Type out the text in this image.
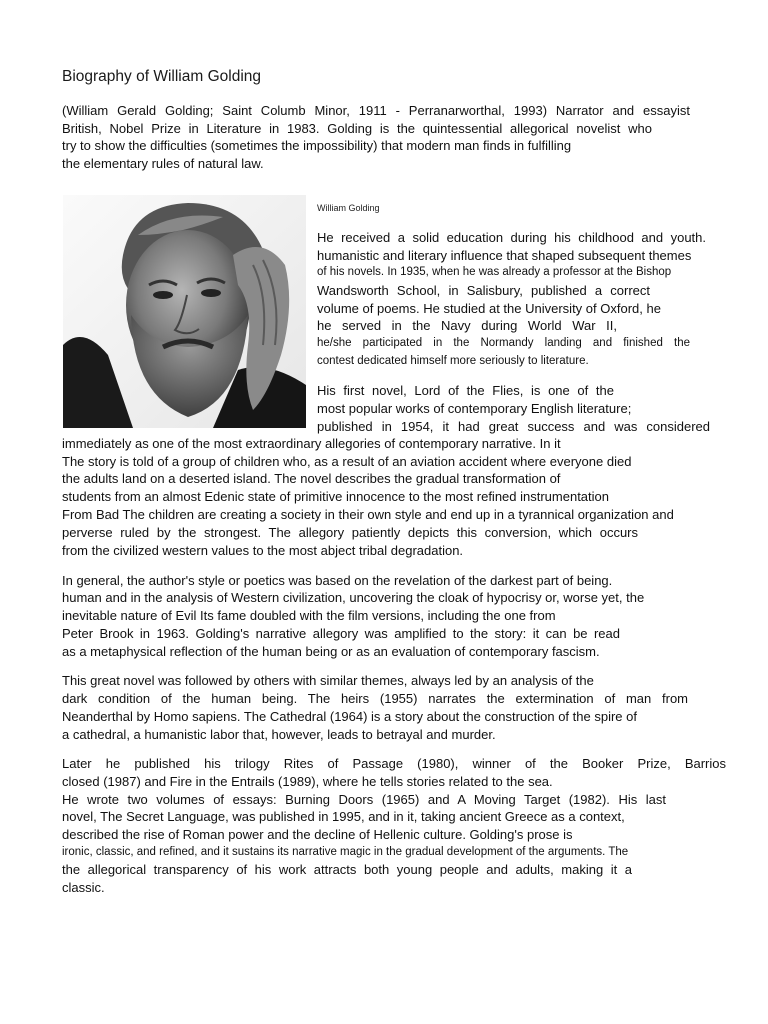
Biography of William Golding
(William Gerald Golding; Saint Columb Minor, 1911 - Perranarworthal, 1993) Narrator and essayist
British, Nobel Prize in Literature in 1983. Golding is the quintessential allegorical novelist who
try to show the difficulties (sometimes the impossibility) that modern man finds in fulfilling
the elementary rules of natural law.
William Golding
He received a solid education during his childhood and youth.
humanistic and literary influence that shaped subsequent themes
of his novels. In 1935, when he was already a professor at the Bishop
Wandsworth School, in Salisbury, published a correct
volume of poems. He studied at the University of Oxford, he
he served in the Navy during World War II,
he/she participated in the Normandy landing and finished the
contest dedicated himself more seriously to literature.
His first novel, Lord of the Flies, is one of the
most popular works of contemporary English literature;
published in 1954, it had great success and was considered
immediately as one of the most extraordinary allegories of contemporary narrative. In it
The story is told of a group of children who, as a result of an aviation accident where everyone died
the adults land on a deserted island. The novel describes the gradual transformation of
students from an almost Edenic state of primitive innocence to the most refined instrumentation
From Bad The children are creating a society in their own style and end up in a tyrannical organization and
perverse ruled by the strongest. The allegory patiently depicts this conversion, which occurs
from the civilized western values to the most abject tribal degradation.
In general, the author's style or poetics was based on the revelation of the darkest part of being.
human and in the analysis of Western civilization, uncovering the cloak of hypocrisy or, worse yet, the
inevitable nature of Evil Its fame doubled with the film versions, including the one from
Peter Brook in 1963. Golding's narrative allegory was amplified to the story: it can be read
as a metaphysical reflection of the human being or as an evaluation of contemporary fascism.
This great novel was followed by others with similar themes, always led by an analysis of the
dark condition of the human being. The heirs (1955) narrates the extermination of man from
Neanderthal by Homo sapiens. The Cathedral (1964) is a story about the construction of the spire of
a cathedral, a humanistic labor that, however, leads to betrayal and murder.
Later he published his trilogy Rites of Passage (1980), winner of the Booker Prize, Barrios
closed (1987) and Fire in the Entrails (1989), where he tells stories related to the sea.
He wrote two volumes of essays: Burning Doors (1965) and A Moving Target (1982). His last
novel, The Secret Language, was published in 1995, and in it, taking ancient Greece as a context,
described the rise of Roman power and the decline of Hellenic culture. Golding's prose is
ironic, classic, and refined, and it sustains its narrative magic in the gradual development of the arguments. The
the allegorical transparency of his work attracts both young people and adults, making it a
classic.
